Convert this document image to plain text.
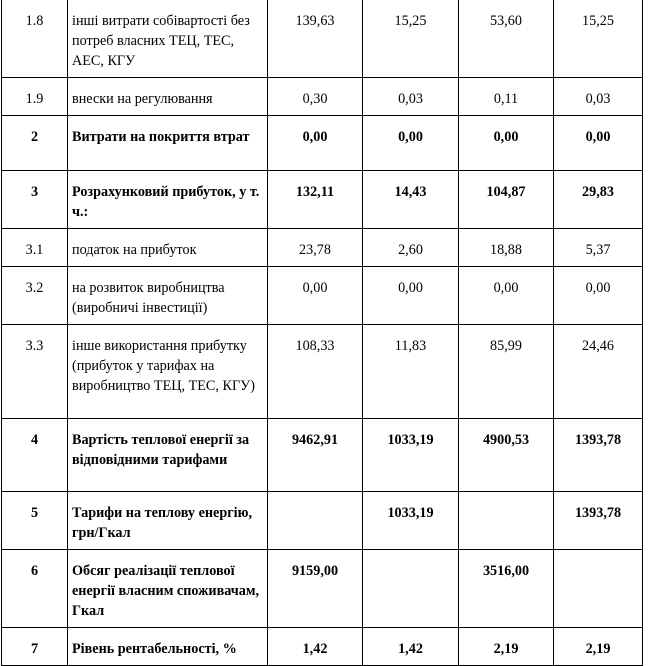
1.8	інші витрати собівартості без потреб власних ТЕЦ, ТЕС, АЕС, КГУ	139,63	15,25	53,60	15,25
1.9	внески на регулювання	0,30	0,03	0,11	0,03
2	Витрати на покриття втрат	0,00	0,00	0,00	0,00
3	Розрахунковий прибуток, у т. ч.:	132,11	14,43	104,87	29,83
3.1	податок на прибуток	23,78	2,60	18,88	5,37
3.2	на розвиток виробництва (виробничі інвестиції)	0,00	0,00	0,00	0,00
3.3	інше використання прибутку (прибуток у тарифах на виробництво ТЕЦ, ТЕС, КГУ)	108,33	11,83	85,99	24,46
4	Вартість теплової енергії за відповідними тарифами	9462,91	1033,19	4900,53	1393,78
5	Тарифи на теплову енергію, грн/Гкал		1033,19		1393,78
6	Обсяг реалізації теплової енергії власним споживачам, Гкал	9159,00		3516,00	
7	Рівень рентабельності, %	1,42	1,42	2,19	2,19
